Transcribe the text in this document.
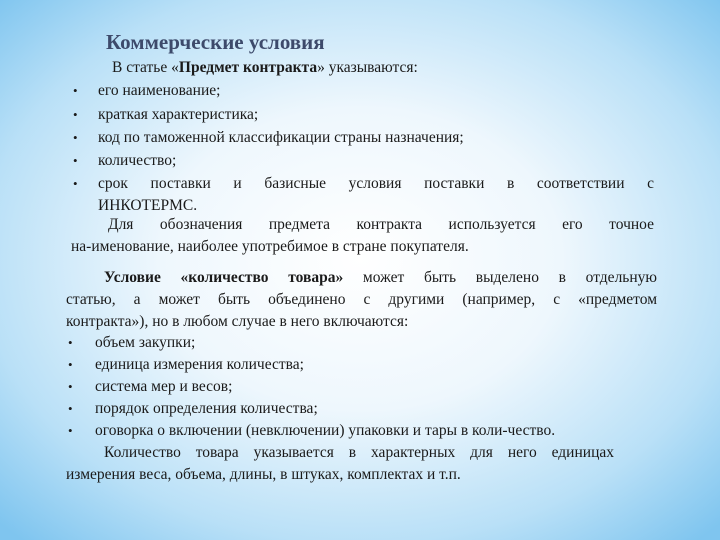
Коммерческие условия
В статье «Предмет контракта» указываются:
• его наименование;
• краткая характеристика;
• код по таможенной классификации страны назначения;
• количество;
• срок поставки и базисные условия поставки в соответствии с
ИНКОТЕРМС.
Для обозначения предмета контракта используется его точное
на-именование, наиболее употребимое в стране покупателя.
Условие «количество товара» может быть выделено в отдельную
статью, а может быть объединено с другими (например, с «предметом
контракта»), но в любом случае в него включаются:
• объем закупки;
• единица измерения количества;
• система мер и весов;
• порядок определения количества;
• оговорка о включении (невключении) упаковки и тары в коли-чество.
Количество товара указывается в характерных для него единицах
измерения веса, объема, длины, в штуках, комплектах и т.п.
